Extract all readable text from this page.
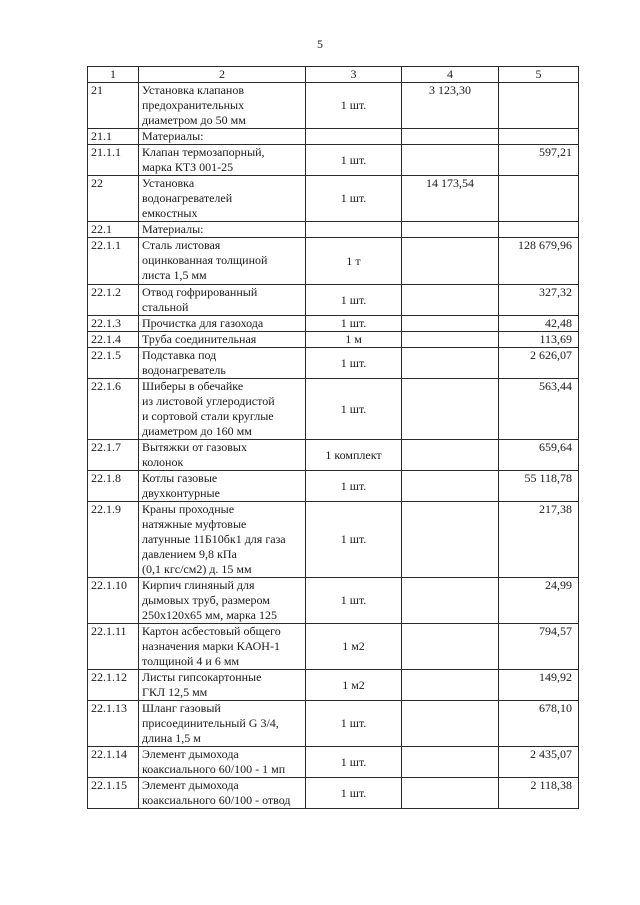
5
1	2	3	4	5
21	Установка клапанов
предохранительных
диаметром до 50 мм	1 шт.	3 123,30	
21.1	Материалы:			

21.1.1	Клапан термозапорный,
марка КТЗ 001-25	1 шт.		597,21
22	Установка
водонагревателей
емкостных	1 шт.	14 173,54	
22.1	Материалы:			

22.1.1	Сталь листовая
оцинкованная толщиной
листа 1,5 мм	1 т		128 679,96
22.1.2	Отвод гофрированный
стальной	1 шт.		327,32
22.1.3	Прочистка для газохода	1 шт.		42,48
22.1.4	Труба соединительная	1 м		113,69
22.1.5	Подставка под
водонагреватель	1 шт.		2 626,07
22.1.6	Шиберы в обечайке
из листовой углеродистой
и сортовой стали круглые
диаметром до 160 мм	1 шт.		563,44
22.1.7	Вытяжки от газовых
колонок	1 комплект		659,64
22.1.8	Котлы газовые
двухконтурные	1 шт.		55 118,78
22.1.9	Краны проходные
натяжные муфтовые
латунные 11Б10бк1 для газа
давлением 9,8 кПа
(0,1 кгс/см2) д. 15 мм	1 шт.		217,38
22.1.10	Кирпич глиняный для
дымовых труб, размером
250x120x65 мм, марка 125	1 шт.		24,99
22.1.11	Картон асбестовый общего
назначения марки КАОН-1
толщиной 4 и 6 мм	1 м2		794,57
22.1.12	Листы гипсокартонные
ГКЛ 12,5 мм	1 м2		149,92
22.1.13	Шланг газовый
присоединительный G 3/4,
длина 1,5 м	1 шт.		678,10
22.1.14	Элемент дымохода
коаксиального 60/100 - 1 мп	1 шт.		2 435,07
22.1.15	Элемент дымохода
коаксиального 60/100 - отвод	1 шт.		2 118,38
